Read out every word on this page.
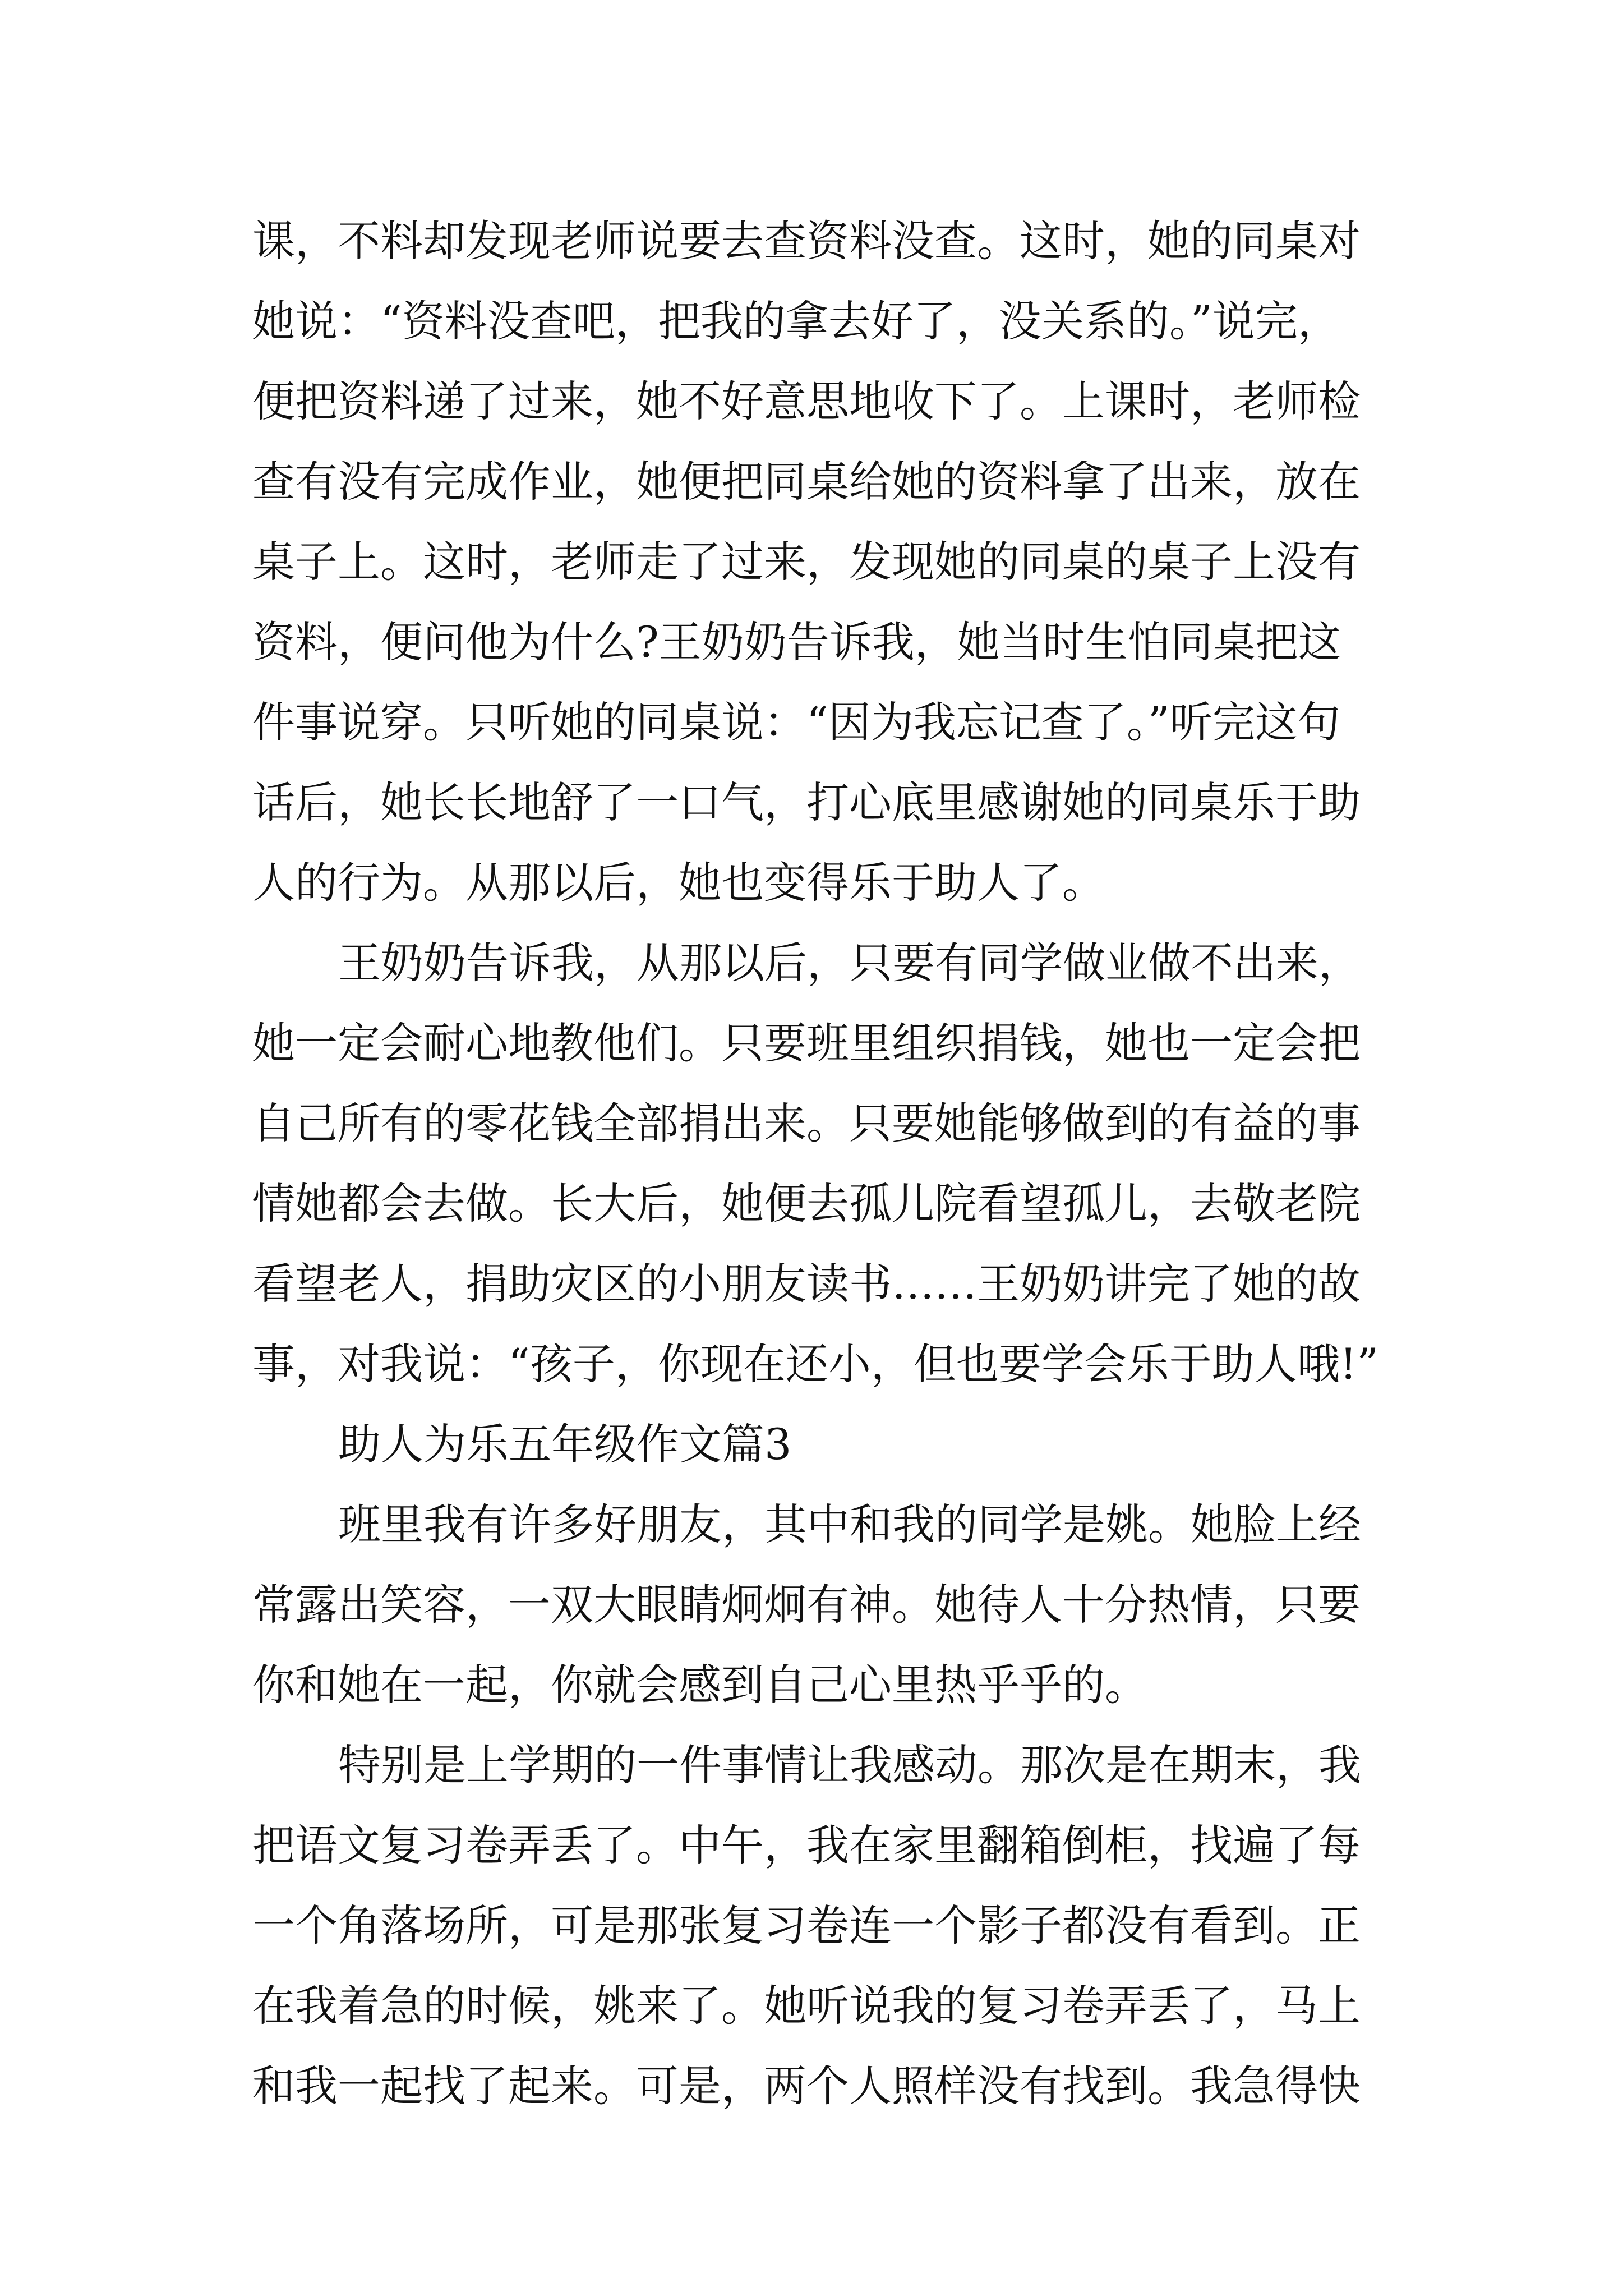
课，不料却发现老师说要去查资料没查。这时，她的同桌对
她说：“资料没查吧，把我的拿去好了，没关系的。”说完，
便把资料递了过来，她不好意思地收下了。上课时，老师检
查有没有完成作业，她便把同桌给她的资料拿了出来，放在
桌子上。这时，老师走了过来，发现她的同桌的桌子上没有
资料，便问他为什么?王奶奶告诉我，她当时生怕同桌把这
件事说穿。只听她的同桌说：“因为我忘记查了。”听完这句
话后，她长长地舒了一口气，打心底里感谢她的同桌乐于助
人的行为。从那以后，她也变得乐于助人了。
王奶奶告诉我，从那以后，只要有同学做业做不出来，
她一定会耐心地教他们。只要班里组织捐钱，她也一定会把
自己所有的零花钱全部捐出来。只要她能够做到的有益的事
情她都会去做。长大后，她便去孤儿院看望孤儿，去敬老院
看望老人，捐助灾区的小朋友读书……王奶奶讲完了她的故
事，对我说：“孩子，你现在还小，但也要学会乐于助人哦!”
助人为乐五年级作文篇3
班里我有许多好朋友，其中和我的同学是姚。她脸上经
常露出笑容，一双大眼睛炯炯有神。她待人十分热情，只要
你和她在一起，你就会感到自己心里热乎乎的。
特别是上学期的一件事情让我感动。那次是在期末，我
把语文复习卷弄丢了。中午，我在家里翻箱倒柜，找遍了每
一个角落场所，可是那张复习卷连一个影子都没有看到。正
在我着急的时候，姚来了。她听说我的复习卷弄丢了，马上
和我一起找了起来。可是，两个人照样没有找到。我急得快
